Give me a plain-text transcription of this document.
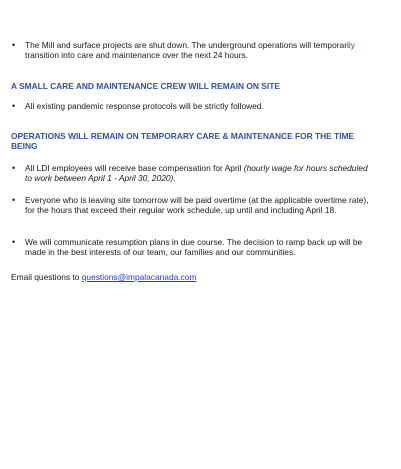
• The Mill and surface projects are shut down. The underground operations will temporarily transition into care and maintenance over the next 24 hours.
A SMALL CARE AND MAINTENANCE CREW WILL REMAIN ON SITE
• All existing pandemic response protocols will be strictly followed.
OPERATIONS WILL REMAIN ON TEMPORARY CARE & MAINTENANCE FOR THE TIME BEING
• All LDI employees will receive base compensation for April (hourly wage for hours scheduled to work between April 1 - April 30, 2020).
• Everyone who is leaving site tomorrow will be paid overtime (at the applicable overtime rate), for the hours that exceed their regular work schedule, up until and including April 18.
• We will communicate resumption plans in due course. The decision to ramp back up will be made in the best interests of our team, our families and our communities.
Email questions to questions@impalacanada.com
